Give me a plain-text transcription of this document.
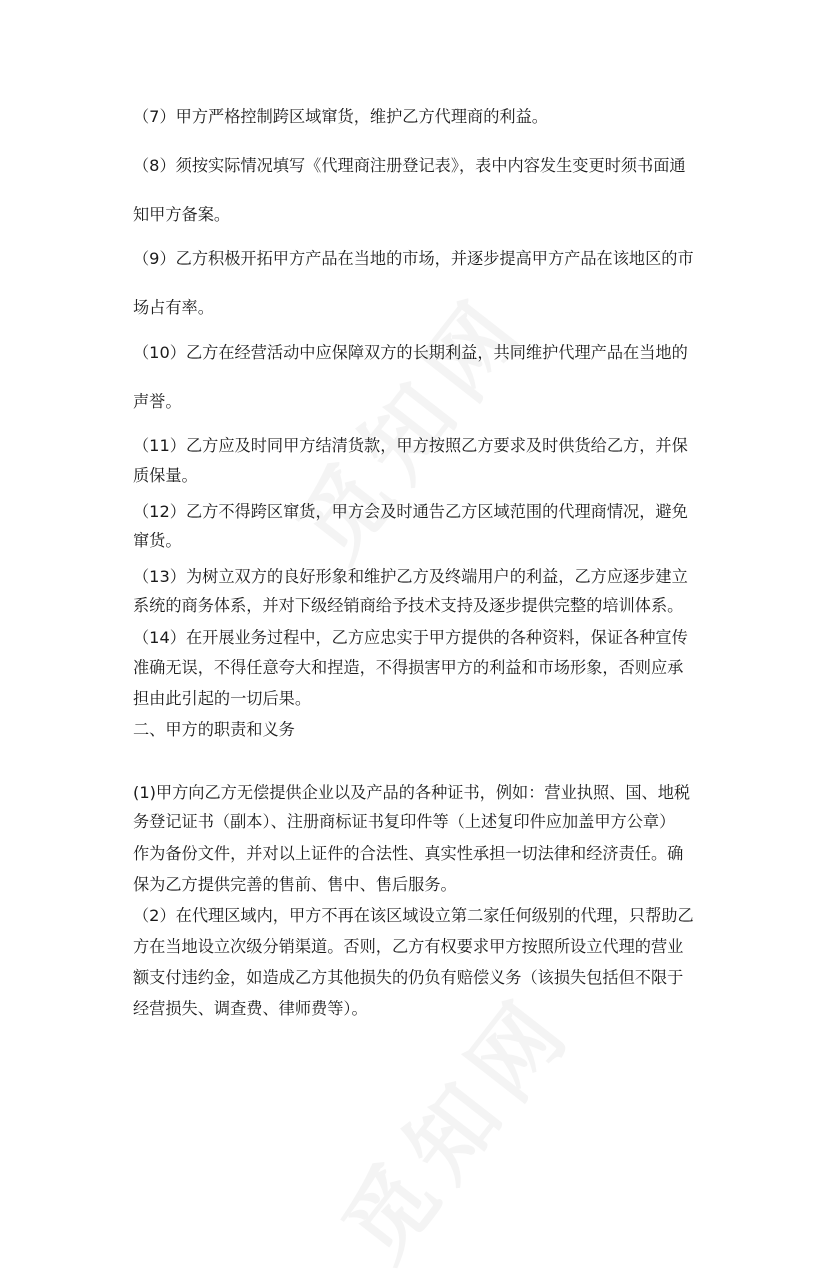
（7）甲方严格控制跨区域窜货，维护乙方代理商的利益。

（8）须按实际情况填写《代理商注册登记表》，表中内容发生变更时须书面通

知甲方备案。

（9）乙方积极开拓甲方产品在当地的市场，并逐步提高甲方产品在该地区的市

场占有率。

（10）乙方在经营活动中应保障双方的长期利益，共同维护代理产品在当地的

声誉。

（11）乙方应及时同甲方结清货款，甲方按照乙方要求及时供货给乙方，并保

质保量。

（12）乙方不得跨区窜货，甲方会及时通告乙方区域范围的代理商情况，避免

窜货。

（13）为树立双方的良好形象和维护乙方及终端用户的利益，乙方应逐步建立

系统的商务体系，并对下级经销商给予技术支持及逐步提供完整的培训体系。

（14）在开展业务过程中，乙方应忠实于甲方提供的各种资料，保证各种宣传

准确无误，不得任意夸大和捏造，不得损害甲方的利益和市场形象，否则应承

担由此引起的一切后果。

二、甲方的职责和义务

(1)甲方向乙方无偿提供企业以及产品的各种证书，例如：营业执照、国、地税

务登记证书（副本）、注册商标证书复印件等（上述复印件应加盖甲方公章）

作为备份文件，并对以上证件的合法性、真实性承担一切法律和经济责任。确

保为乙方提供完善的售前、售中、售后服务。

（2）在代理区域内，甲方不再在该区域设立第二家任何级别的代理，只帮助乙

方在当地设立次级分销渠道。否则，乙方有权要求甲方按照所设立代理的营业

额支付违约金，如造成乙方其他损失的仍负有赔偿义务（该损失包括但不限于

经营损失、调查费、律师费等）。
